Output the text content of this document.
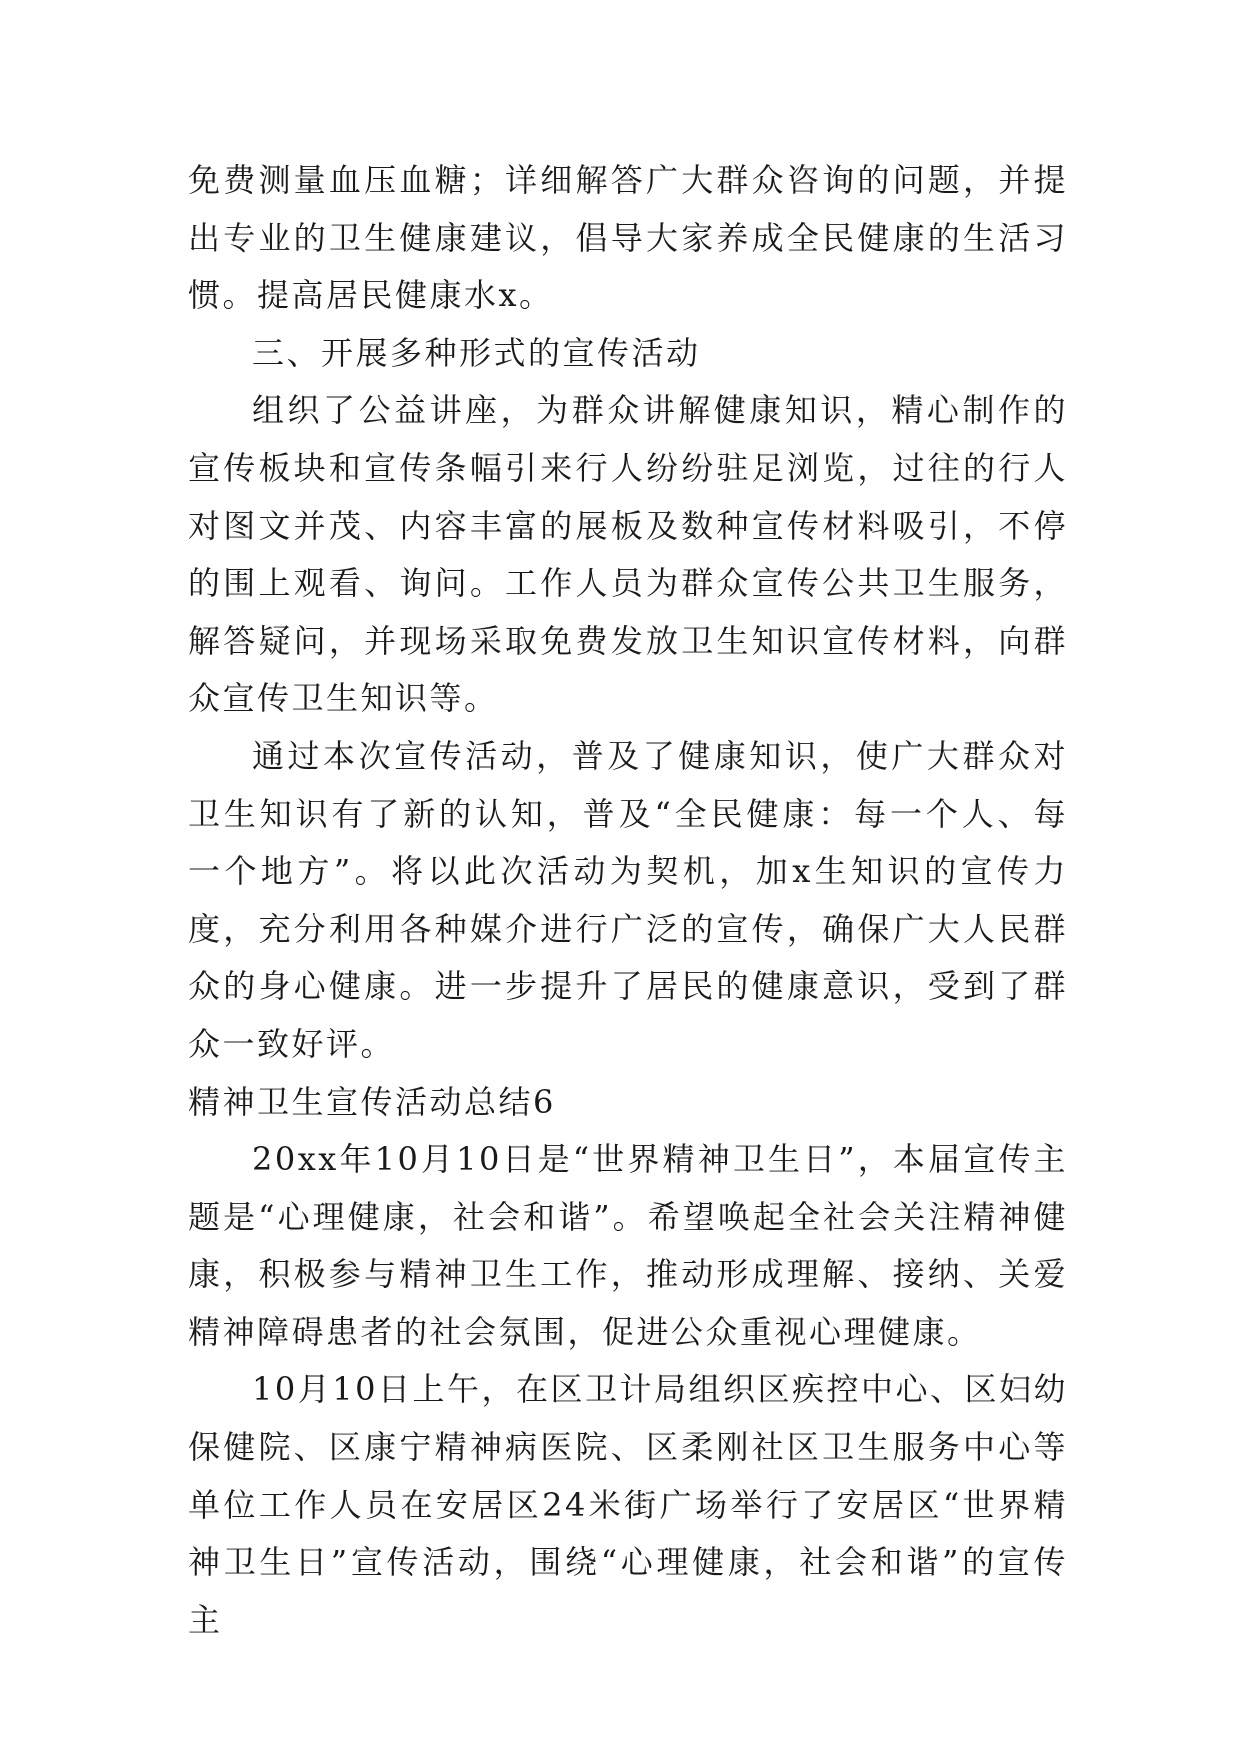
免费测量血压血糖；详细解答广大群众咨询的问题，并提出专业的卫生健康建议，倡导大家养成全民健康的生活习惯。提高居民健康水x。

三、开展多种形式的宣传活动

组织了公益讲座，为群众讲解健康知识，精心制作的宣传板块和宣传条幅引来行人纷纷驻足浏览，过往的行人对图文并茂、内容丰富的展板及数种宣传材料吸引，不停的围上观看、询问。工作人员为群众宣传公共卫生服务，解答疑问，并现场采取免费发放卫生知识宣传材料，向群众宣传卫生知识等。

通过本次宣传活动，普及了健康知识，使广大群众对卫生知识有了新的认知，普及“全民健康：每一个人、每一个地方”。将以此次活动为契机，加x生知识的宣传力度，充分利用各种媒介进行广泛的宣传，确保广大人民群众的身心健康。进一步提升了居民的健康意识，受到了群众一致好评。

精神卫生宣传活动总结6

20xx年10月10日是“世界精神卫生日”，本届宣传主题是“心理健康，社会和谐”。希望唤起全社会关注精神健康，积极参与精神卫生工作，推动形成理解、接纳、关爱精神障碍患者的社会氛围，促进公众重视心理健康。

10月10日上午，在区卫计局组织区疾控中心、区妇幼保健院、区康宁精神病医院、区柔刚社区卫生服务中心等单位工作人员在安居区24米街广场举行了安居区“世界精神卫生日”宣传活动，围绕“心理健康，社会和谐”的宣传主
